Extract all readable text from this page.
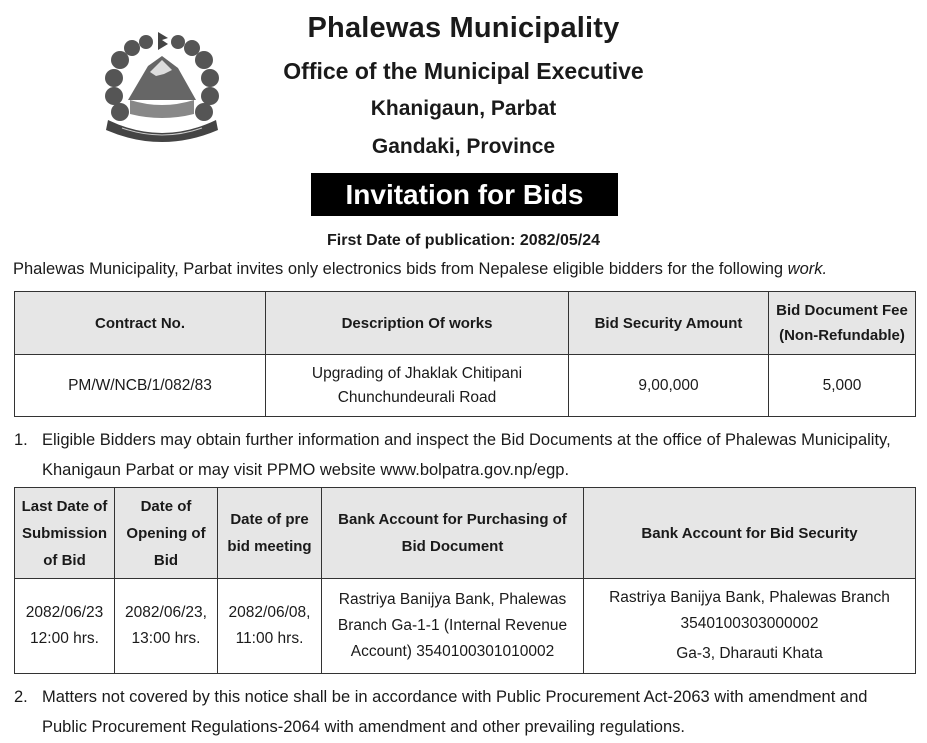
Phalewas Municipality
Office of the Municipal Executive
Khanigaun, Parbat
Gandaki, Province
Invitation for Bids
First Date of publication: 2082/05/24
Phalewas Municipality, Parbat invites only electronics bids from Nepalese eligible bidders for the following work.
Contract No.	Description Of works	Bid Security Amount	Bid Document Fee (Non-Refundable)
PM/W/NCB/1/082/83	Upgrading of Jhaklak Chitipani Chunchundeurali Road	9,00,000	5,000
1. Eligible Bidders may obtain further information and inspect the Bid Documents at the office of Phalewas Municipality, Khanigaun Parbat or may visit PPMO website www.bolpatra.gov.np/egp.
Last Date of Submission of Bid	Date of Opening of Bid	Date of pre bid meeting	Bank Account for Purchasing of Bid Document	Bank Account for Bid Security
2082/06/23 12:00 hrs.	2082/06/23, 13:00 hrs.	2082/06/08, 11:00 hrs.	Rastriya Banijya Bank, Phalewas Branch Ga-1-1 (Internal Revenue Account) 3540100301010002	Rastriya Banijya Bank, Phalewas Branch
3540100303000002
Ga-3, Dharauti Khata
2. Matters not covered by this notice shall be in accordance with Public Procurement Act-2063 with amendment and Public Procurement Regulations-2064 with amendment and other prevailing regulations.
